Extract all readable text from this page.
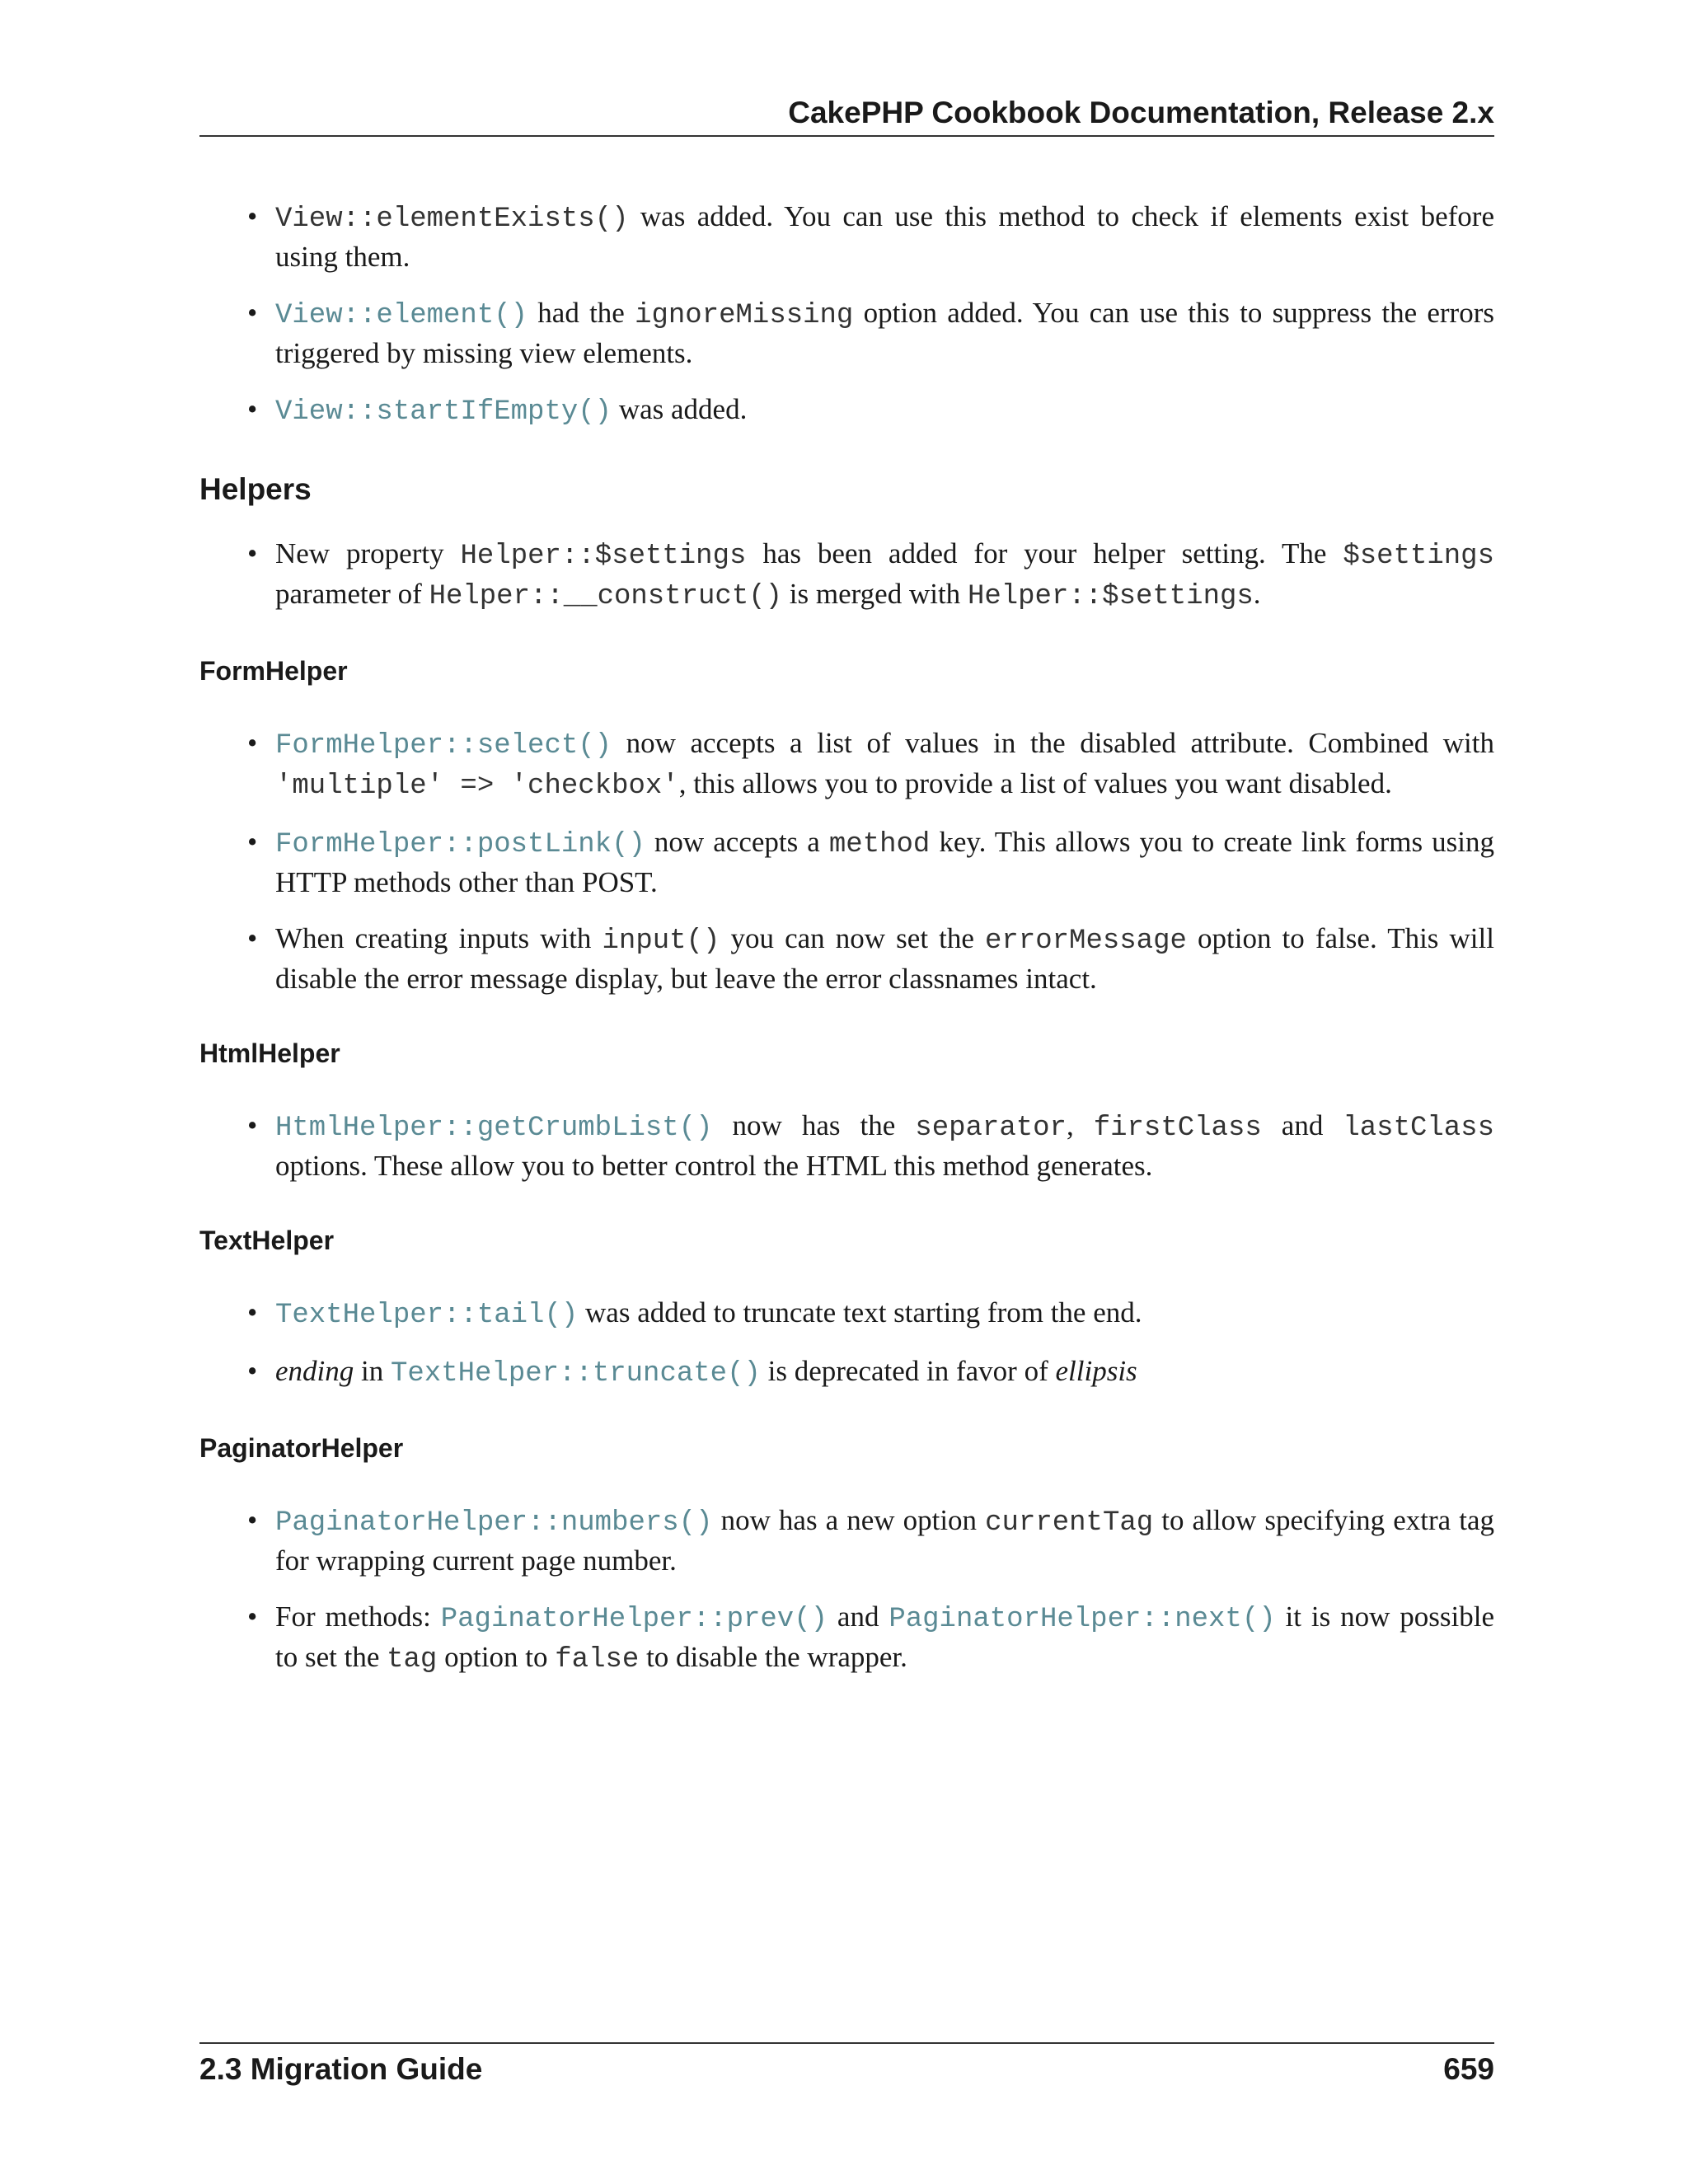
CakePHP Cookbook Documentation, Release 2.x
• View::elementExists() was added. You can use this method to check if elements exist before using them.
• View::element() had the ignoreMissing option added. You can use this to suppress the errors triggered by missing view elements.
• View::startIfEmpty() was added.
Helpers
• New property Helper::$settings has been added for your helper setting. The $settings parameter of Helper::__construct() is merged with Helper::$settings.
FormHelper
• FormHelper::select() now accepts a list of values in the disabled attribute. Combined with 'multiple' => 'checkbox', this allows you to provide a list of values you want disabled.
• FormHelper::postLink() now accepts a method key. This allows you to create link forms using HTTP methods other than POST.
• When creating inputs with input() you can now set the errorMessage option to false. This will disable the error message display, but leave the error classnames intact.
HtmlHelper
• HtmlHelper::getCrumbList() now has the separator, firstClass and lastClass options. These allow you to better control the HTML this method generates.
TextHelper
• TextHelper::tail() was added to truncate text starting from the end.
• ending in TextHelper::truncate() is deprecated in favor of ellipsis
PaginatorHelper
• PaginatorHelper::numbers() now has a new option currentTag to allow specifying extra tag for wrapping current page number.
• For methods: PaginatorHelper::prev() and PaginatorHelper::next() it is now possible to set the tag option to false to disable the wrapper.
2.3 Migration Guide	659
